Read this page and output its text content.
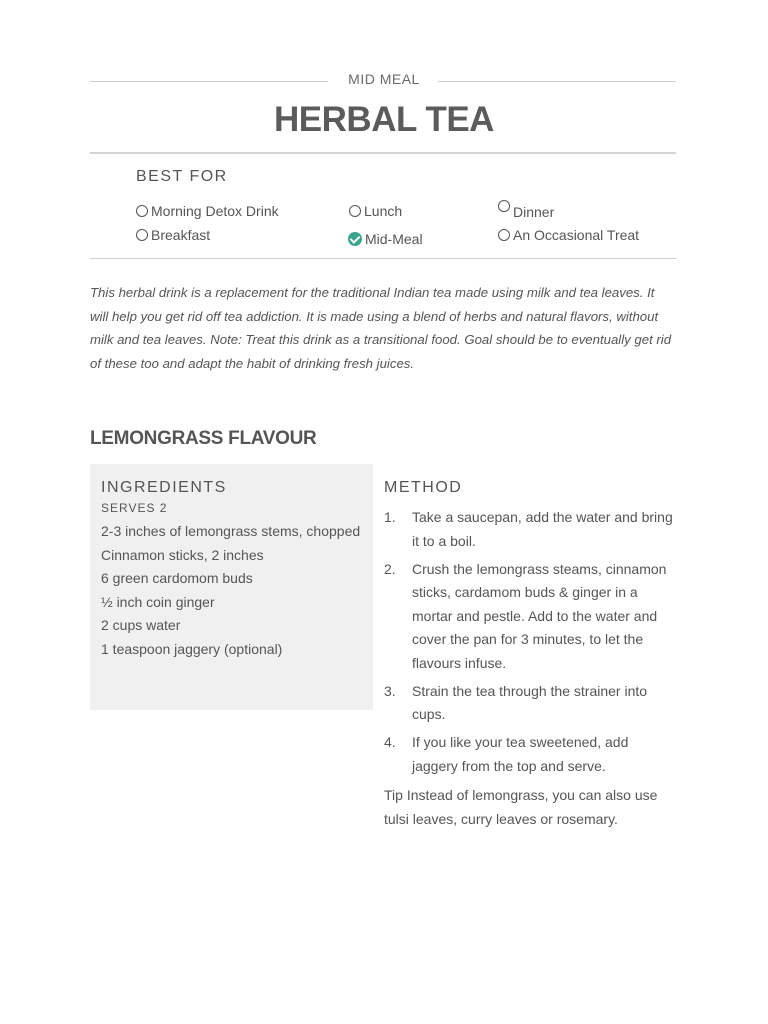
MID MEAL
HERBAL TEA
BEST FOR
Morning Detox Drink	Lunch	Dinner
Breakfast	Mid-Meal	An Occasional Treat
This herbal drink is a replacement for the traditional Indian tea made using milk and tea leaves. It will help you get rid off tea addiction. It is made using a blend of herbs and natural flavors, without milk and tea leaves. Note: Treat this drink as a transitional food. Goal should be to eventually get rid of these too and adapt the habit of drinking fresh juices.
LEMONGRASS FLAVOUR
INGREDIENTS
SERVES 2
2-3 inches of lemongrass stems, chopped
Cinnamon sticks, 2 inches
6 green cardomom buds
½ inch coin ginger
2 cups water
1 teaspoon jaggery (optional)
METHOD
1. Take a saucepan, add the water and bring it to a boil.
2. Crush the lemongrass steams, cinnamon sticks, cardamom buds & ginger in a mortar and pestle. Add to the water and cover the pan for 3 minutes, to let the flavours infuse.
3. Strain the tea through the strainer into cups.
4. If you like your tea sweetened, add jaggery from the top and serve.
Tip Instead of lemongrass, you can also use tulsi leaves, curry leaves or rosemary.
